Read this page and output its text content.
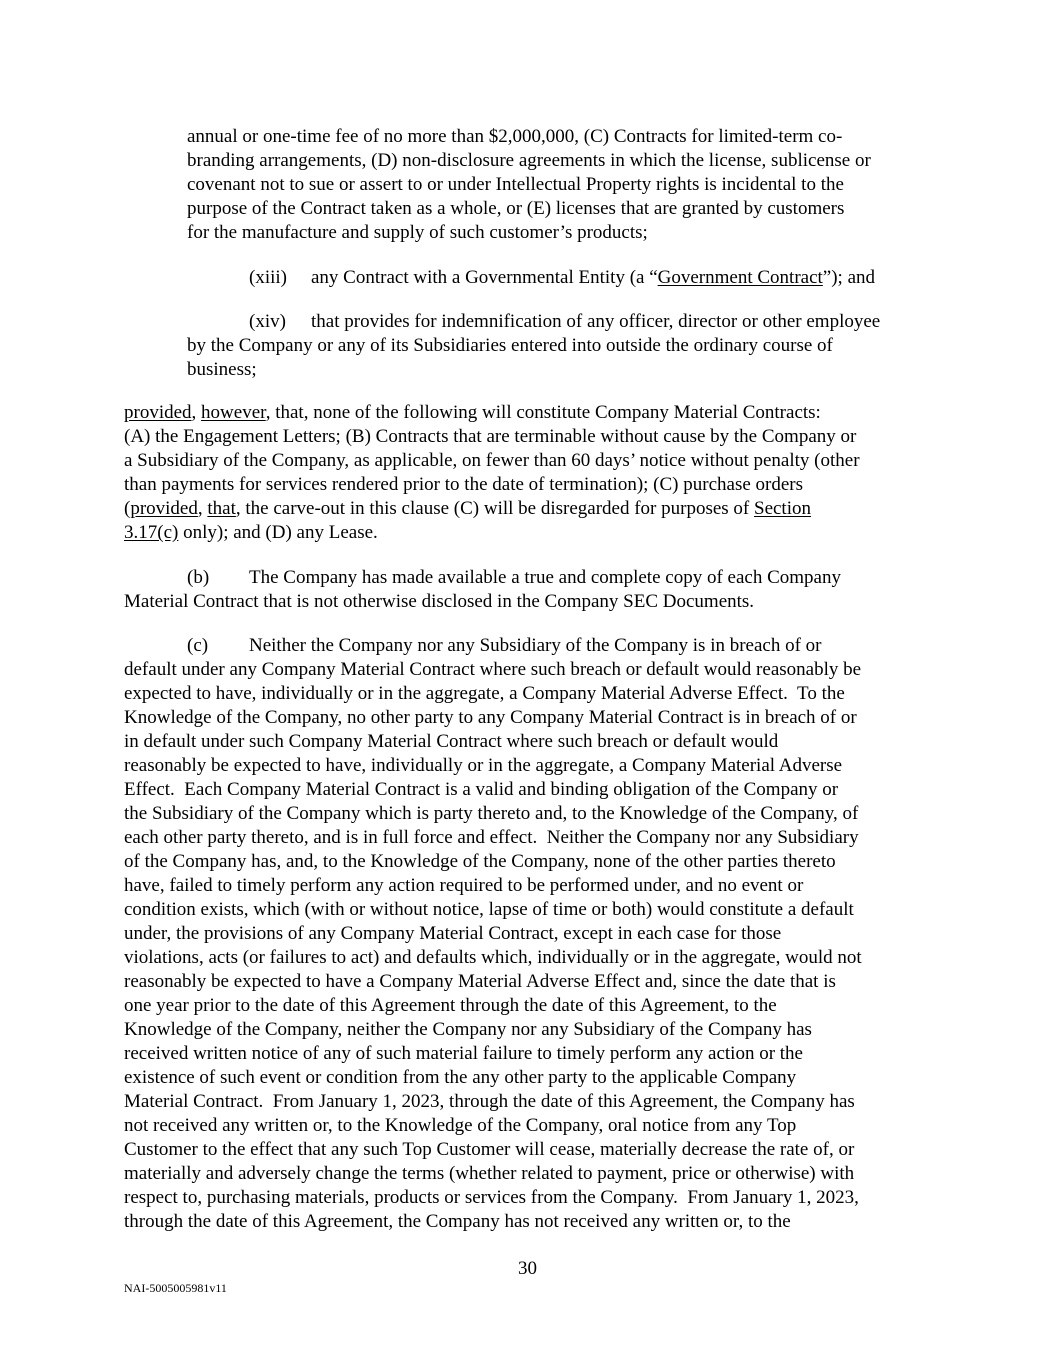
annual or one-time fee of no more than $2,000,000, (C) Contracts for limited-term co-

branding arrangements, (D) non-disclosure agreements in which the license, sublicense or

covenant not to sue or assert to or under Intellectual Property rights is incidental to the

purpose of the Contract taken as a whole, or (E) licenses that are granted by customers

for the manufacture and supply of such customer’s products;

(xiii) any Contract with a Governmental Entity (a “Government Contract”); and

(xiv) that provides for indemnification of any officer, director or other employee

by the Company or any of its Subsidiaries entered into outside the ordinary course of

business;

provided, however, that, none of the following will constitute Company Material Contracts:

(A) the Engagement Letters; (B) Contracts that are terminable without cause by the Company or

a Subsidiary of the Company, as applicable, on fewer than 60 days’ notice without penalty (other

than payments for services rendered prior to the date of termination); (C) purchase orders

(provided, that, the carve-out in this clause (C) will be disregarded for purposes of Section

3.17(c) only); and (D) any Lease.

(b) The Company has made available a true and complete copy of each Company

Material Contract that is not otherwise disclosed in the Company SEC Documents.

(c) Neither the Company nor any Subsidiary of the Company is in breach of or

default under any Company Material Contract where such breach or default would reasonably be

expected to have, individually or in the aggregate, a Company Material Adverse Effect.  To the

Knowledge of the Company, no other party to any Company Material Contract is in breach of or

in default under such Company Material Contract where such breach or default would

reasonably be expected to have, individually or in the aggregate, a Company Material Adverse

Effect.  Each Company Material Contract is a valid and binding obligation of the Company or

the Subsidiary of the Company which is party thereto and, to the Knowledge of the Company, of

each other party thereto, and is in full force and effect.  Neither the Company nor any Subsidiary

of the Company has, and, to the Knowledge of the Company, none of the other parties thereto

have, failed to timely perform any action required to be performed under, and no event or

condition exists, which (with or without notice, lapse of time or both) would constitute a default

under, the provisions of any Company Material Contract, except in each case for those

violations, acts (or failures to act) and defaults which, individually or in the aggregate, would not

reasonably be expected to have a Company Material Adverse Effect and, since the date that is

one year prior to the date of this Agreement through the date of this Agreement, to the

Knowledge of the Company, neither the Company nor any Subsidiary of the Company has

received written notice of any of such material failure to timely perform any action or the

existence of such event or condition from the any other party to the applicable Company

Material Contract.  From January 1, 2023, through the date of this Agreement, the Company has

not received any written or, to the Knowledge of the Company, oral notice from any Top

Customer to the effect that any such Top Customer will cease, materially decrease the rate of, or

materially and adversely change the terms (whether related to payment, price or otherwise) with

respect to, purchasing materials, products or services from the Company.  From January 1, 2023,

through the date of this Agreement, the Company has not received any written or, to the

30
NAI-5005005981v11
